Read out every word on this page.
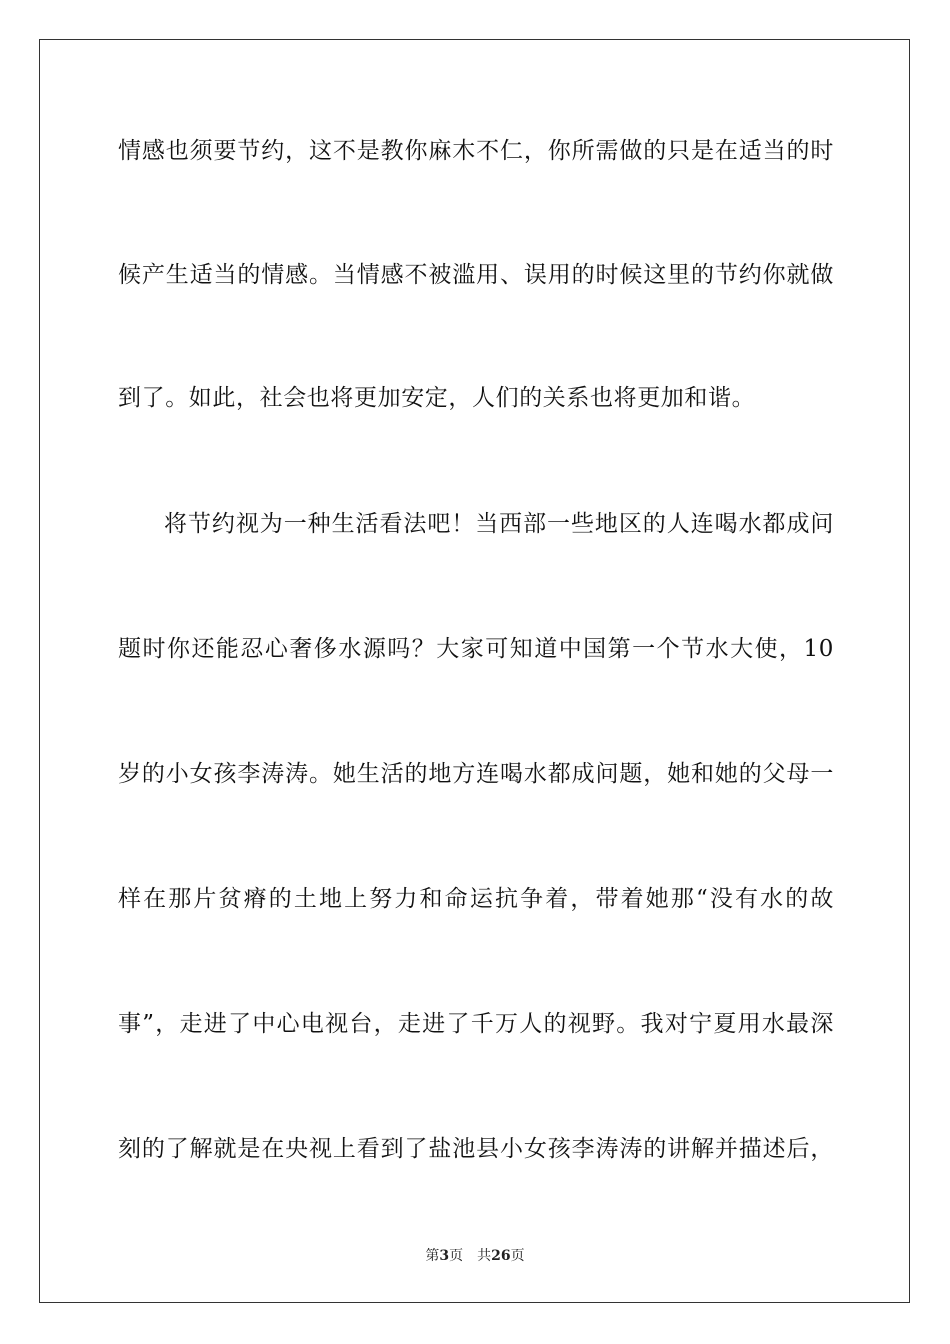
情感也须要节约，这不是教你麻木不仁，你所需做的只是在适当的时
候产生适当的情感。当情感不被滥用、误用的时候这里的节约你就做
到了。如此，社会也将更加安定，人们的关系也将更加和谐。
将节约视为一种生活看法吧！当西部一些地区的人连喝水都成问
题时你还能忍心奢侈水源吗？大家可知道中国第一个节水大使，10
岁的小女孩李涛涛。她生活的地方连喝水都成问题，她和她的父母一
样在那片贫瘠的土地上努力和命运抗争着，带着她那“没有水的故
事”，走进了中心电视台，走进了千万人的视野。我对宁夏用水最深
刻的了解就是在央视上看到了盐池县小女孩李涛涛的讲解并描述后，
第3页 共26页
